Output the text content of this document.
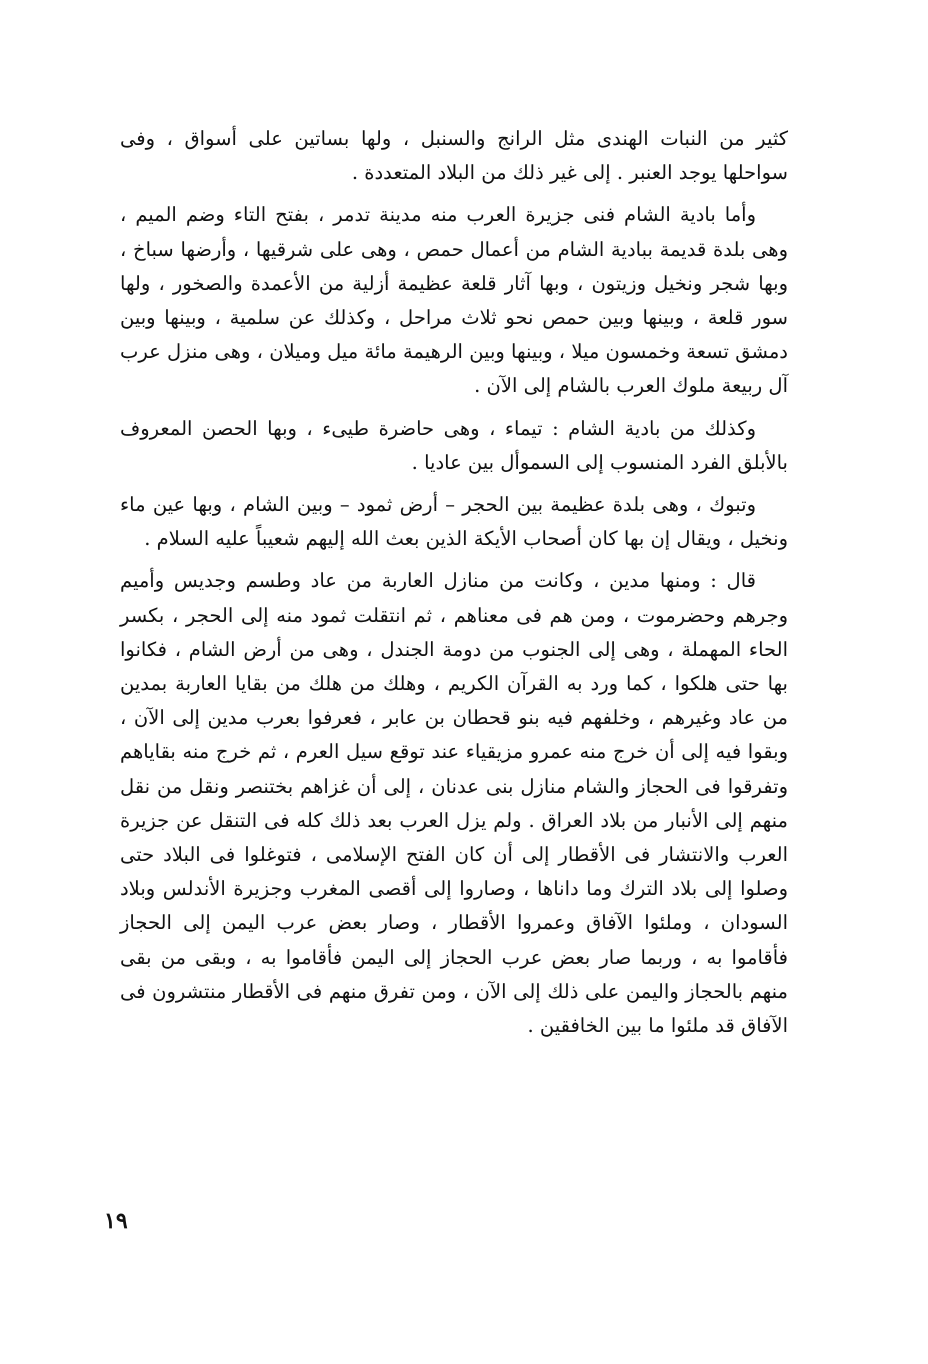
كثير من النبات الهندى مثل الرانج والسنبل ، ولها بساتين على أسواق ، وفى سواحلها يوجد العنبر . إلى غير ذلك من البلاد المتعددة .

وأما بادية الشام فنى جزيرة العرب منه مدينة تدمر ، بفتح التاء وضم الميم ، وهى بلدة قديمة ببادية الشام من أعمال حمص ، وهى على شرقيها ، وأرضها سباخ ، وبها شجر ونخيل وزيتون ، وبها آثار قلعة عظيمة أزلية من الأعمدة والصخور ، ولها سور قلعة ، وبينها وبين حمص نحو ثلاث مراحل ، وكذلك عن سلمية ، وبينها وبين دمشق تسعة وخمسون ميلا ، وبينها وبين الرهيمة مائة ميل وميلان ، وهى منزل عرب آل ربيعة ملوك العرب بالشام إلى الآن .

وكذلك من بادية الشام : تيماء ، وهى حاضرة طيىء ، وبها الحصن المعروف بالأبلق الفرد المنسوب إلى السموأل بين عاديا .

وتبوك ، وهى بلدة عظيمة بين الحجر – أرض ثمود – وبين الشام ، وبها عين ماء ونخيل ، ويقال إن بها كان أصحاب الأيكة الذين بعث الله إليهم شعيباً عليه السلام .

قال : ومنها مدين ، وكانت من منازل العاربة من عاد وطسم وجديس وأميم وجرهم وحضرموت ، ومن هم فى معناهم ، ثم انتقلت ثمود منه إلى الحجر ، بكسر الحاء المهملة ، وهى إلى الجنوب من دومة الجندل ، وهى من أرض الشام ، فكانوا بها حتى هلكوا ، كما ورد به القرآن الكريم ، وهلك من هلك من بقايا العاربة بمدين من عاد وغيرهم ، وخلفهم فيه بنو قحطان بن عابر ، فعرفوا بعرب مدين إلى الآن ، وبقوا فيه إلى أن خرج منه عمرو مزيقياء عند توقع سيل العرم ، ثم خرج منه بقاياهم وتفرقوا فى الحجاز والشام منازل بنى عدنان ، إلى أن غزاهم بختنصر ونقل من نقل منهم إلى الأنبار من بلاد العراق . ولم يزل العرب بعد ذلك كله فى التنقل عن جزيرة العرب والانتشار فى الأقطار إلى أن كان الفتح الإسلامى ، فتوغلوا فى البلاد حتى وصلوا إلى بلاد الترك وما داناها ، وصاروا إلى أقصى المغرب وجزيرة الأندلس وبلاد السودان ، وملئوا الآفاق وعمروا الأقطار ، وصار بعض عرب اليمن إلى الحجاز فأقاموا به ، وربما صار بعض عرب الحجاز إلى اليمن فأقاموا به ، وبقى من بقى منهم بالحجاز واليمن على ذلك إلى الآن ، ومن تفرق منهم فى الأقطار منتشرون فى الآفاق قد ملئوا ما بين الخافقين .

١٩
